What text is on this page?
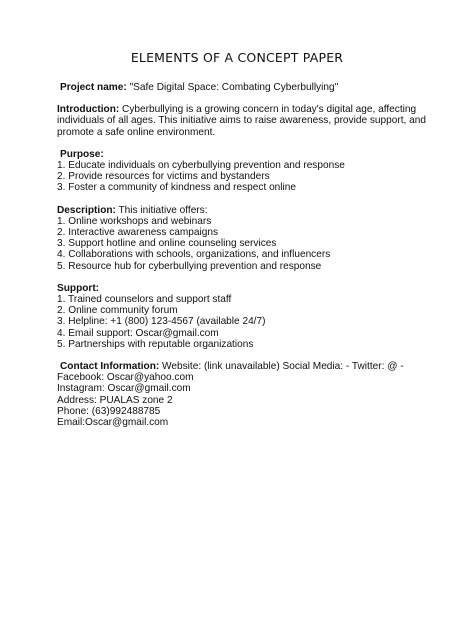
ELEMENTS OF A CONCEPT PAPER
Project name: "Safe Digital Space: Combating Cyberbullying"
Introduction: Cyberbullying is a growing concern in today's digital age, affecting
individuals of all ages. This initiative aims to raise awareness, provide support, and
promote a safe online environment.
Purpose:
1. Educate individuals on cyberbullying prevention and response
2. Provide resources for victims and bystanders
3. Foster a community of kindness and respect online
Description: This initiative offers:
1. Online workshops and webinars
2. Interactive awareness campaigns
3. Support hotline and online counseling services
4. Collaborations with schools, organizations, and influencers
5. Resource hub for cyberbullying prevention and response
Support:
1. Trained counselors and support staff
2. Online community forum
3. Helpline: +1 (800) 123-4567 (available 24/7)
4. Email support: Oscar@gmail.com
5. Partnerships with reputable organizations
Contact Information: Website: (link unavailable) Social Media: - Twitter: @ -
Facebook: Oscar@yahoo.com
Instagram: Oscar@gmail.com
Address: PUALAS zone 2
Phone: (63)992488785
Email:Oscar@gmail.com
